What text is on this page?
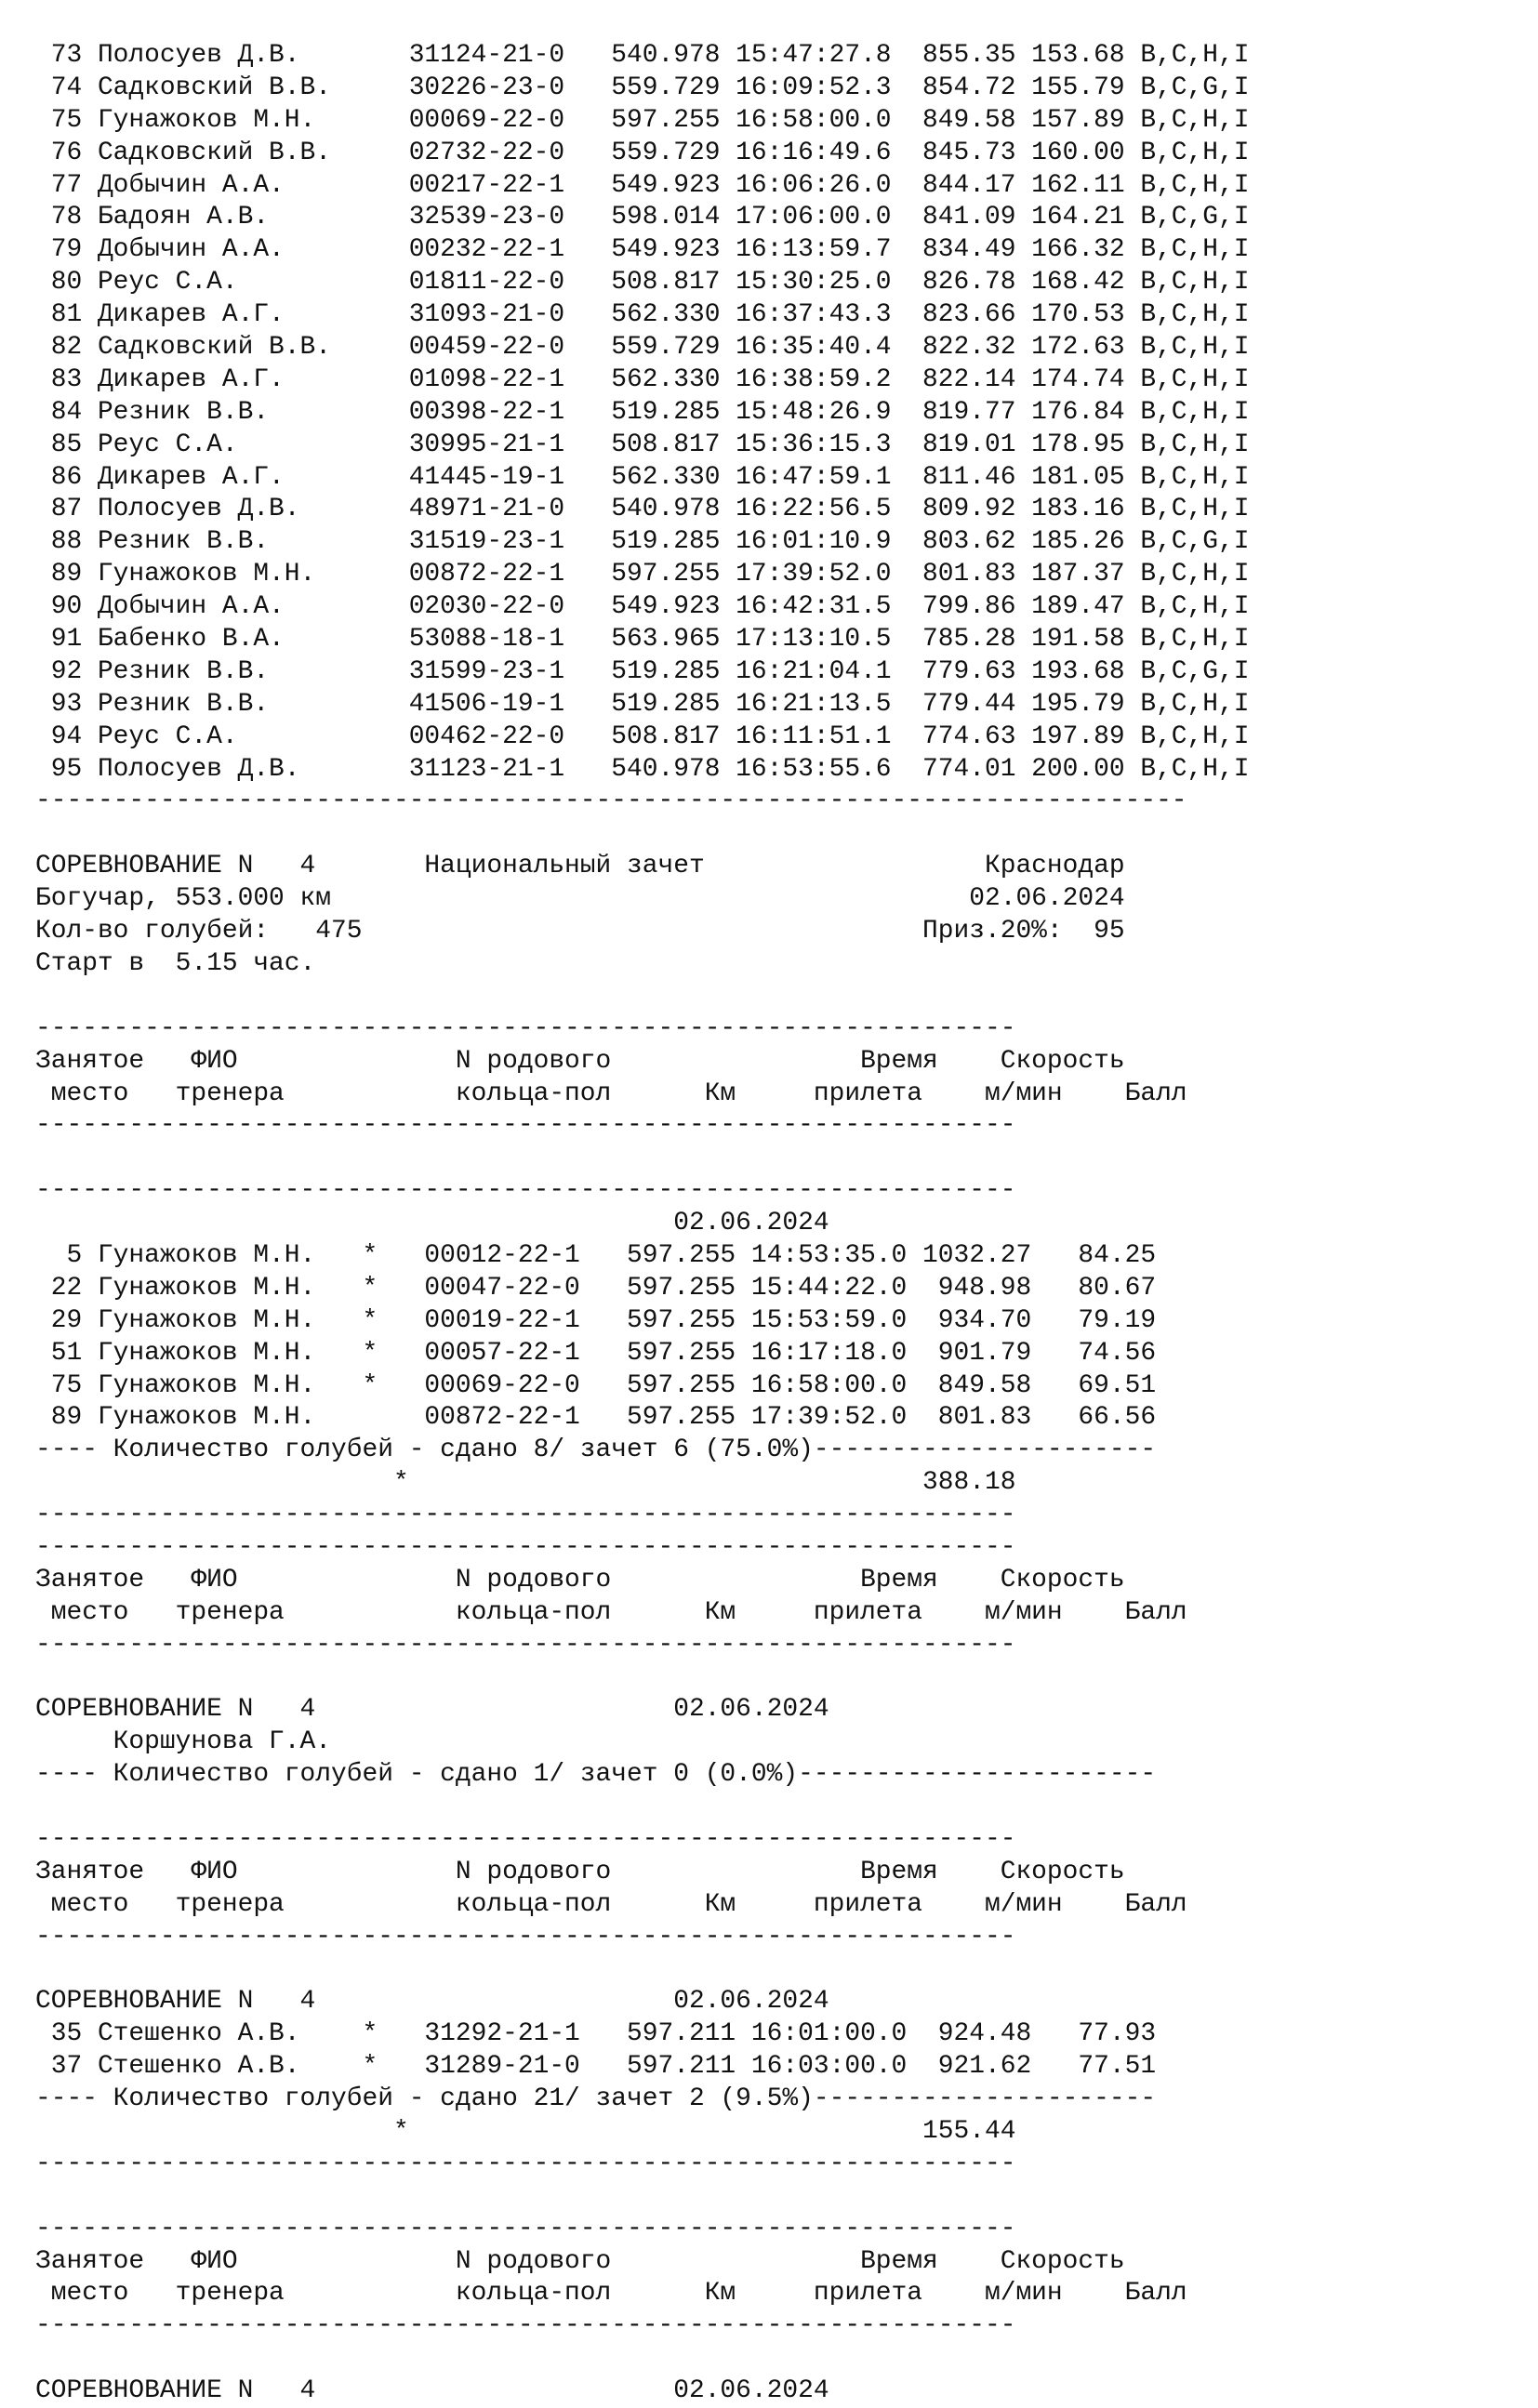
73 Полосуев Д.В.       31124-21-0   540.978 15:47:27.8  855.35 153.68 B,C,H,I
74 Садковский В.В.     30226-23-0   559.729 16:09:52.3  854.72 155.79 B,C,G,I
75 Гунажоков М.Н.      00069-22-0   597.255 16:58:00.0  849.58 157.89 B,C,H,I
76 Садковский В.В.     02732-22-0   559.729 16:16:49.6  845.73 160.00 B,C,H,I
77 Добычин А.А.        00217-22-1   549.923 16:06:26.0  844.17 162.11 B,C,H,I
78 Бадоян А.В.         32539-23-0   598.014 17:06:00.0  841.09 164.21 B,C,G,I
79 Добычин А.А.        00232-22-1   549.923 16:13:59.7  834.49 166.32 B,C,H,I
80 Реус С.А.           01811-22-0   508.817 15:30:25.0  826.78 168.42 B,C,H,I
81 Дикарев А.Г.        31093-21-0   562.330 16:37:43.3  823.66 170.53 B,C,H,I
82 Садковский В.В.     00459-22-0   559.729 16:35:40.4  822.32 172.63 B,C,H,I
83 Дикарев А.Г.        01098-22-1   562.330 16:38:59.2  822.14 174.74 B,C,H,I
84 Резник В.В.         00398-22-1   519.285 15:48:26.9  819.77 176.84 B,C,H,I
85 Реус С.А.           30995-21-1   508.817 15:36:15.3  819.01 178.95 B,C,H,I
86 Дикарев А.Г.        41445-19-1   562.330 16:47:59.1  811.46 181.05 B,C,H,I
87 Полосуев Д.В.       48971-21-0   540.978 16:22:56.5  809.92 183.16 B,C,H,I
88 Резник В.В.         31519-23-1   519.285 16:01:10.9  803.62 185.26 B,C,G,I
89 Гунажоков М.Н.      00872-22-1   597.255 17:39:52.0  801.83 187.37 B,C,H,I
90 Добычин А.А.        02030-22-0   549.923 16:42:31.5  799.86 189.47 B,C,H,I
91 Бабенко В.А.        53088-18-1   563.965 17:13:10.5  785.28 191.58 B,C,H,I
92 Резник В.В.         31599-23-1   519.285 16:21:04.1  779.63 193.68 B,C,G,I
93 Резник В.В.         41506-19-1   519.285 16:21:13.5  779.44 195.79 B,C,H,I
94 Реус С.А.           00462-22-0   508.817 16:11:51.1  774.63 197.89 B,C,H,I
95 Полосуев Д.В.       31123-21-1   540.978 16:53:55.6  774.01 200.00 B,C,H,I
--------------------------------------------------------------------------
СОРЕВНОВАНИЕ N   4       Национальный зачет                  Краснодар
Богучар, 553.000 км                                         02.06.2024
Кол-во голубей:   475                                    Приз.20%:  95
Старт в  5.15 час.
---------------------------------------------------------------
Занятое   ФИО              N родового                Время    Скорость
место   тренера           кольца-пол      Км     прилета    м/мин    Балл
---------------------------------------------------------------
---------------------------------------------------------------
02.06.2024
5 Гунажоков М.Н.   *   00012-22-1   597.255 14:53:35.0 1032.27   84.25
22 Гунажоков М.Н.   *   00047-22-0   597.255 15:44:22.0  948.98   80.67
29 Гунажоков М.Н.   *   00019-22-1   597.255 15:53:59.0  934.70   79.19
51 Гунажоков М.Н.   *   00057-22-1   597.255 16:17:18.0  901.79   74.56
75 Гунажоков М.Н.   *   00069-22-0   597.255 16:58:00.0  849.58   69.51
89 Гунажоков М.Н.       00872-22-1   597.255 17:39:52.0  801.83   66.56
---- Количество голубей - сдано 8/ зачет 6 (75.0%)----------------------
*                                 388.18
---------------------------------------------------------------
---------------------------------------------------------------
Занятое   ФИО              N родового                Время    Скорость
место   тренера           кольца-пол      Км     прилета    м/мин    Балл
---------------------------------------------------------------
СОРЕВНОВАНИЕ N   4                       02.06.2024
Коршунова Г.А.
---- Количество голубей - сдано 1/ зачет 0 (0.0%)-----------------------
---------------------------------------------------------------
Занятое   ФИО              N родового                Время    Скорость
место   тренера           кольца-пол      Км     прилета    м/мин    Балл
---------------------------------------------------------------
СОРЕВНОВАНИЕ N   4                       02.06.2024
35 Стешенко А.В.    *   31292-21-1   597.211 16:01:00.0  924.48   77.93
37 Стешенко А.В.    *   31289-21-0   597.211 16:03:00.0  921.62   77.51
---- Количество голубей - сдано 21/ зачет 2 (9.5%)----------------------
*                                 155.44
---------------------------------------------------------------
---------------------------------------------------------------
Занятое   ФИО              N родового                Время    Скорость
место   тренера           кольца-пол      Км     прилета    м/мин    Балл
---------------------------------------------------------------
СОРЕВНОВАНИЕ N   4                       02.06.2024
